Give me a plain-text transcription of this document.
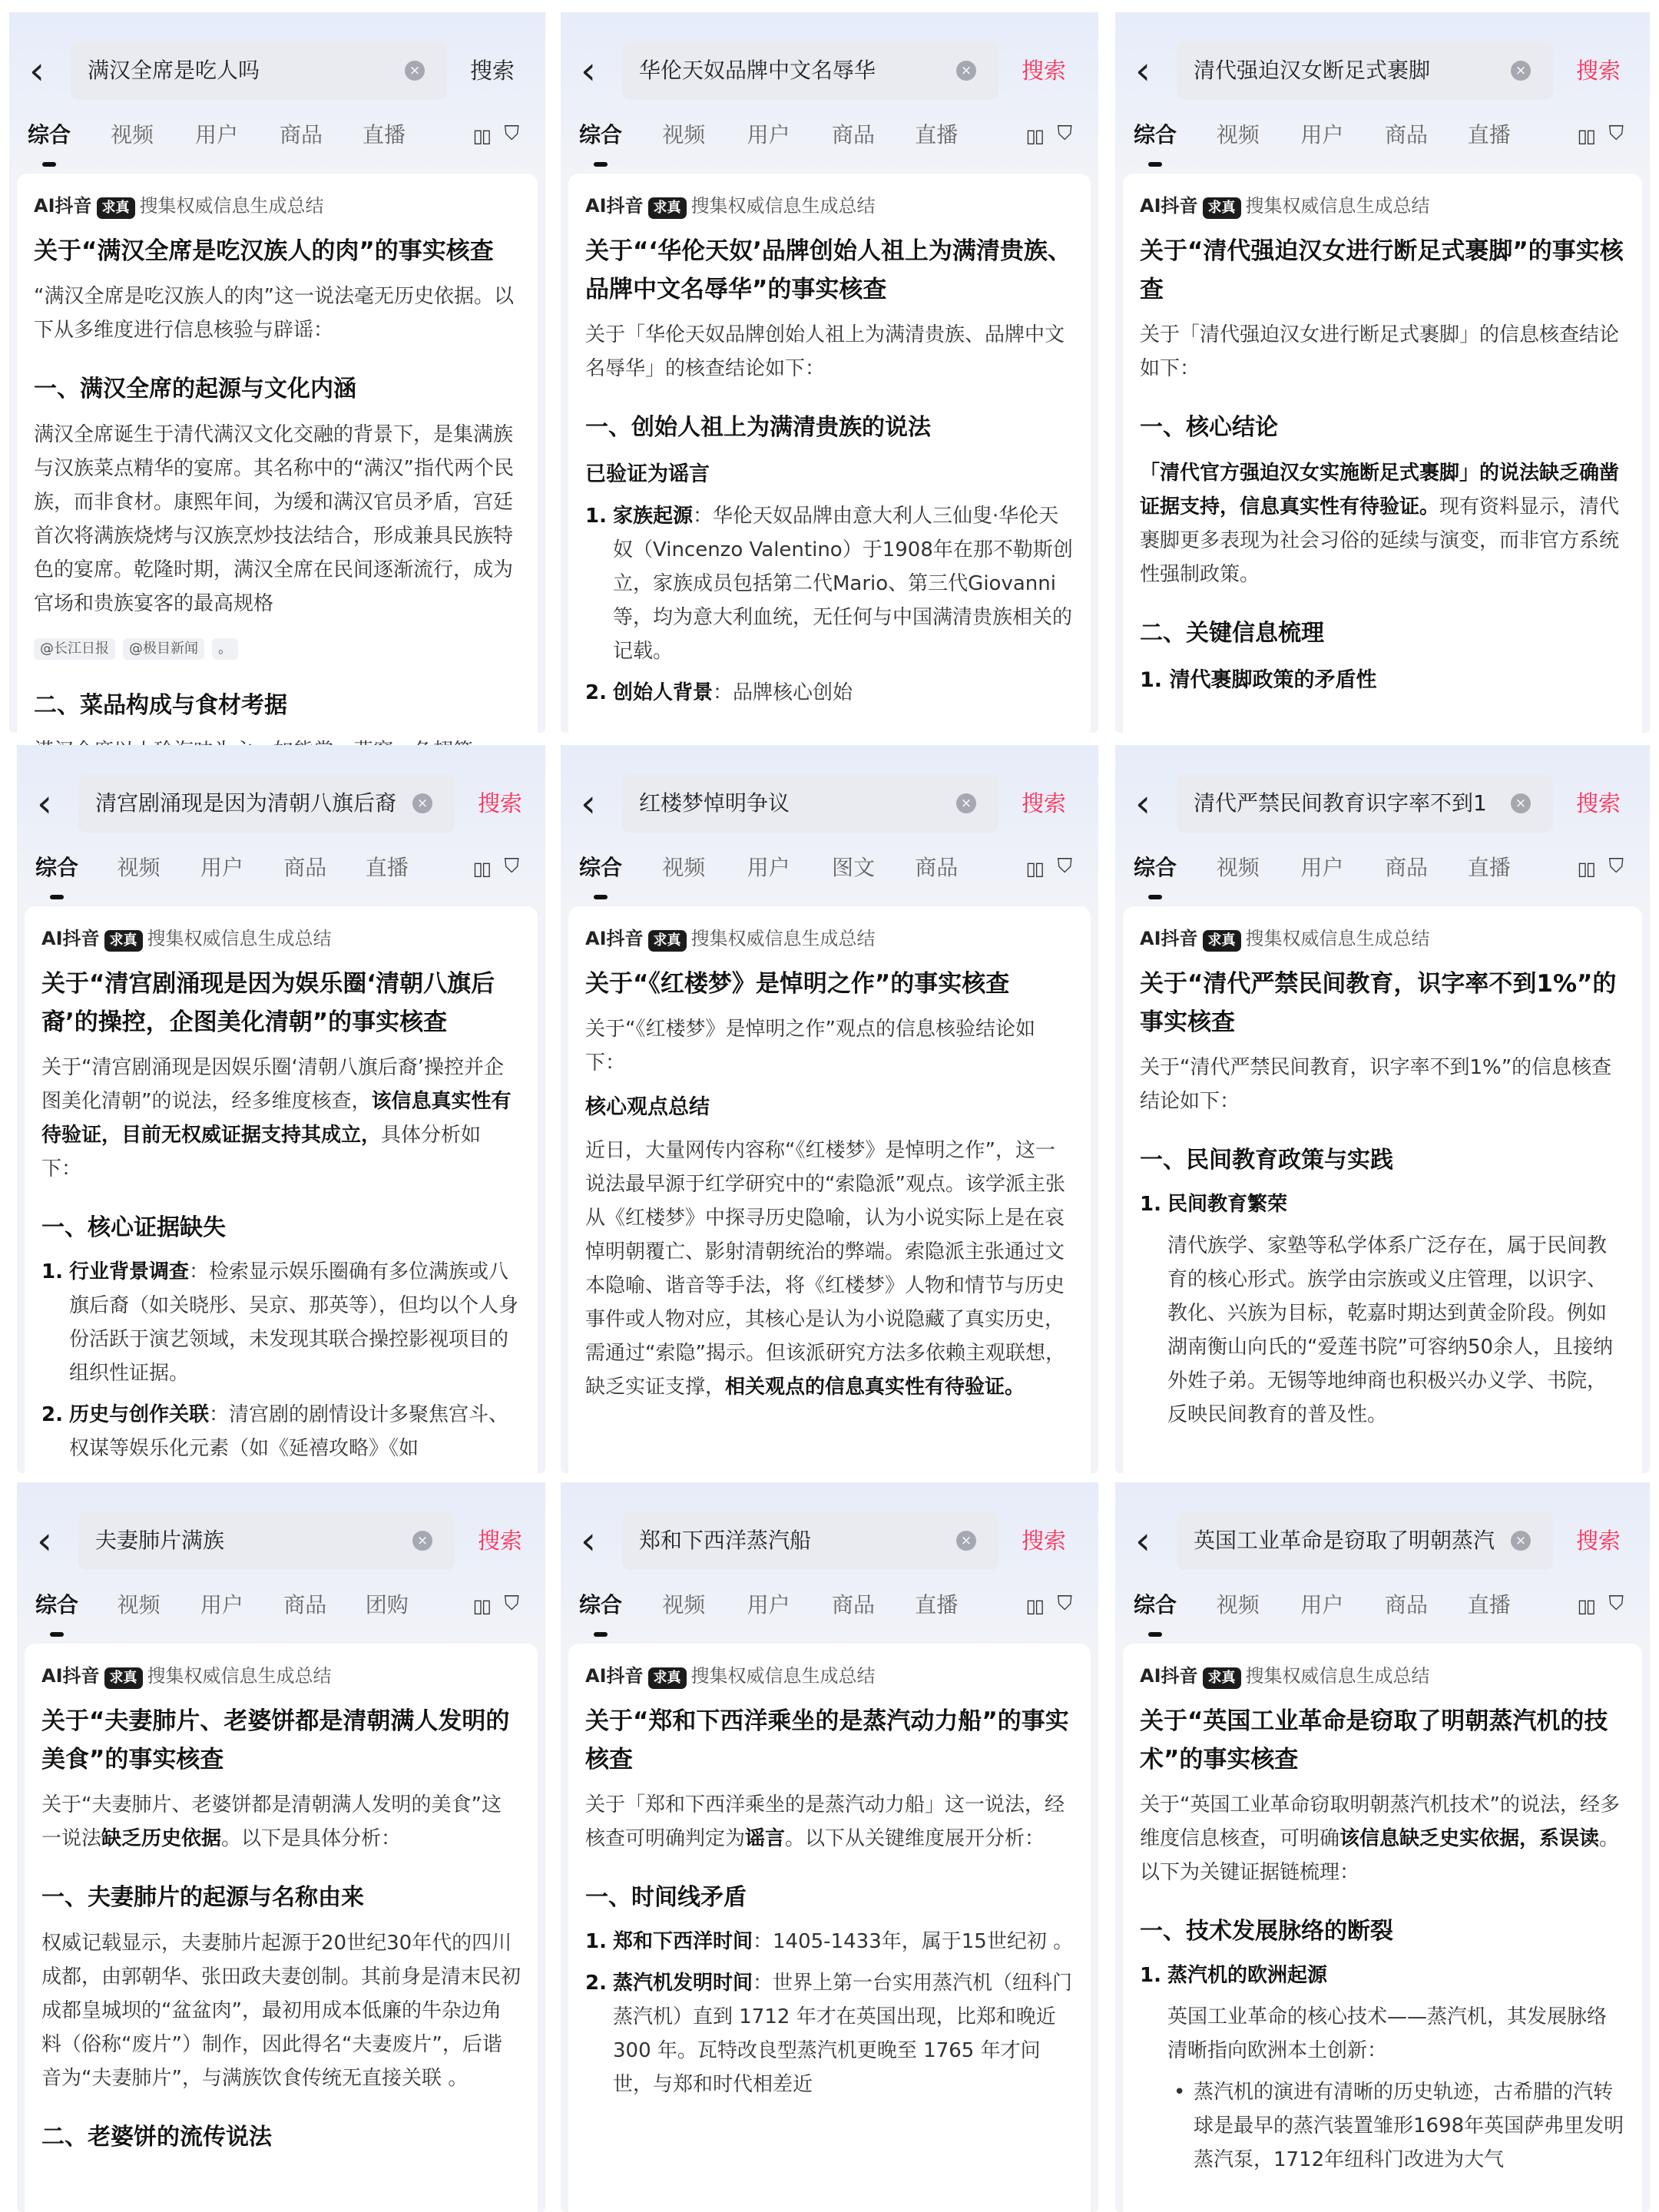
‹	满汉全席是吃人吗	× 搜索
综合 视频 用户 商品 直播	▯▯ ⛉
AI抖音 求真 搜集权威信息生成总结
关于“满汉全席是吃汉族人的肉”的事实核查
“满汉全席是吃汉族人的肉”这一说法毫无历史依据。以下从多维度进行信息核验与辟谣：
一、满汉全席的起源与文化内涵
满汉全席诞生于清代满汉文化交融的背景下，是集满族与汉族菜点精华的宴席。其名称中的“满汉”指代两个民族，而非食材。康熙年间，为缓和满汉官员矛盾，宫廷首次将满族烧烤与汉族烹炒技法结合，形成兼具民族特色的宴席。乾隆时期，满汉全席在民间逐渐流行，成为官场和贵族宴客的最高规格
@长江日报 @极目新闻 。
二、菜品构成与食材考据
‹	华伦天奴品牌中文名辱华	× 搜索
综合 视频 用户 商品 直播	▯▯ ⛉
AI抖音 求真 搜集权威信息生成总结
关于“‘华伦天奴’品牌创始人祖上为满清贵族、品牌中文名辱华”的事实核查
关于「华伦天奴品牌创始人祖上为满清贵族、品牌中文名辱华」的核查结论如下：
一、创始人祖上为满清贵族的说法
已验证为谣言
1. 家族起源：华伦天奴品牌由意大利人三仙叟·华伦天奴（Vincenzo Valentino）于1908年在那不勒斯创立，家族成员包括第二代Mario、第三代Giovanni等，均为意大利血统，无任何与中国满清贵族相关的记载。
2. 创始人背景：品牌核心创始
‹	清代强迫汉女断足式裹脚	× 搜索
综合 视频 用户 商品 直播	▯▯ ⛉
AI抖音 求真 搜集权威信息生成总结
关于“清代强迫汉女进行断足式裹脚”的事实核查
关于「清代强迫汉女进行断足式裹脚」的信息核查结论如下：
一、核心结论
「清代官方强迫汉女实施断足式裹脚」的说法缺乏确凿证据支持，信息真实性有待验证。现有资料显示，清代裹脚更多表现为社会习俗的延续与演变，而非官方系统性强制政策。
二、关键信息梳理
1. 清代裹脚政策的矛盾性
‹	清宫剧涌现是因为清朝八旗后裔	× 搜索
综合 视频 用户 商品 直播	▯▯ ⛉
AI抖音 求真 搜集权威信息生成总结
关于“清宫剧涌现是因为娱乐圈‘清朝八旗后裔’的操控，企图美化清朝”的事实核查
关于“清宫剧涌现是因娱乐圈‘清朝八旗后裔’操控并企图美化清朝”的说法，经多维度核查，该信息真实性有待验证，目前无权威证据支持其成立，具体分析如下：
一、核心证据缺失
1. 行业背景调查：检索显示娱乐圈确有多位满族或八旗后裔（如关晓彤、吴京、那英等），但均以个人身份活跃于演艺领域，未发现其联合操控影视项目的组织性证据。
2. 历史与创作关联：清宫剧的剧情设计多聚焦宫斗、权谋等娱乐化元素（如《延禧攻略》《如
‹	红楼梦悼明争议	× 搜索
综合 视频 用户 图文 商品	▯▯ ⛉
AI抖音 求真 搜集权威信息生成总结
关于“《红楼梦》是悼明之作”的事实核查
关于“《红楼梦》是悼明之作”观点的信息核验结论如下：
核心观点总结
近日，大量网传内容称“《红楼梦》是悼明之作”，这一说法最早源于红学研究中的“索隐派”观点。该学派主张从《红楼梦》中探寻历史隐喻，认为小说实际上是在哀悼明朝覆亡、影射清朝统治的弊端。索隐派主张通过文本隐喻、谐音等手法，将《红楼梦》人物和情节与历史事件或人物对应，其核心是认为小说隐藏了真实历史，需通过“索隐”揭示。但该派研究方法多依赖主观联想，缺乏实证支撑，相关观点的信息真实性有待验证。
‹	清代严禁民间教育识字率不到1	× 搜索
综合 视频 用户 商品 直播	▯▯ ⛉
AI抖音 求真 搜集权威信息生成总结
关于“清代严禁民间教育，识字率不到1%”的事实核查
关于“清代严禁民间教育，识字率不到1%”的信息核查结论如下：
一、民间教育政策与实践
1. 民间教育繁荣
清代族学、家塾等私学体系广泛存在，属于民间教育的核心形式。族学由宗族或义庄管理，以识字、教化、兴族为目标，乾嘉时期达到黄金阶段。例如湖南衡山向氏的“爱莲书院”可容纳50余人，且接纳外姓子弟。无锡等地绅商也积极兴办义学、书院，反映民间教育的普及性。
‹	夫妻肺片满族	× 搜索
综合 视频 用户 商品 团购	▯▯ ⛉
AI抖音 求真 搜集权威信息生成总结
关于“夫妻肺片、老婆饼都是清朝满人发明的美食”的事实核查
关于“夫妻肺片、老婆饼都是清朝满人发明的美食”这一说法缺乏历史依据。以下是具体分析：
一、夫妻肺片的起源与名称由来
权威记载显示，夫妻肺片起源于20世纪30年代的四川成都，由郭朝华、张田政夫妻创制。其前身是清末民初成都皇城坝的“盆盆肉”，最初用成本低廉的牛杂边角料（俗称“废片”）制作，因此得名“夫妻废片”，后谐音为“夫妻肺片”，与满族饮食传统无直接关联 。
二、老婆饼的流传说法
‹	郑和下西洋蒸汽船	× 搜索
综合 视频 用户 商品 直播	▯▯ ⛉
AI抖音 求真 搜集权威信息生成总结
关于“郑和下西洋乘坐的是蒸汽动力船”的事实核查
关于「郑和下西洋乘坐的是蒸汽动力船」这一说法，经核查可明确判定为谣言。以下从关键维度展开分析：
一、时间线矛盾
1. 郑和下西洋时间：1405-1433年，属于15世纪初 。
2. 蒸汽机发明时间：世界上第一台实用蒸汽机（纽科门蒸汽机）直到 1712 年才在英国出现，比郑和晚近 300 年。瓦特改良型蒸汽机更晚至 1765 年才问世，与郑和时代相差近
‹	英国工业革命是窃取了明朝蒸汽	× 搜索
综合 视频 用户 商品 直播	▯▯ ⛉
AI抖音 求真 搜集权威信息生成总结
关于“英国工业革命是窃取了明朝蒸汽机的技术”的事实核查
关于“英国工业革命窃取明朝蒸汽机技术”的说法，经多维度信息核查，可明确该信息缺乏史实依据，系误读。以下为关键证据链梳理：
一、技术发展脉络的断裂
1. 蒸汽机的欧洲起源
英国工业革命的核心技术——蒸汽机，其发展脉络清晰指向欧洲本土创新：
• 蒸汽机的演进有清晰的历史轨迹，古希腊的汽转球是最早的蒸汽装置雏形1698年英国萨弗里发明蒸汽泵，1712年纽科门改进为大气
